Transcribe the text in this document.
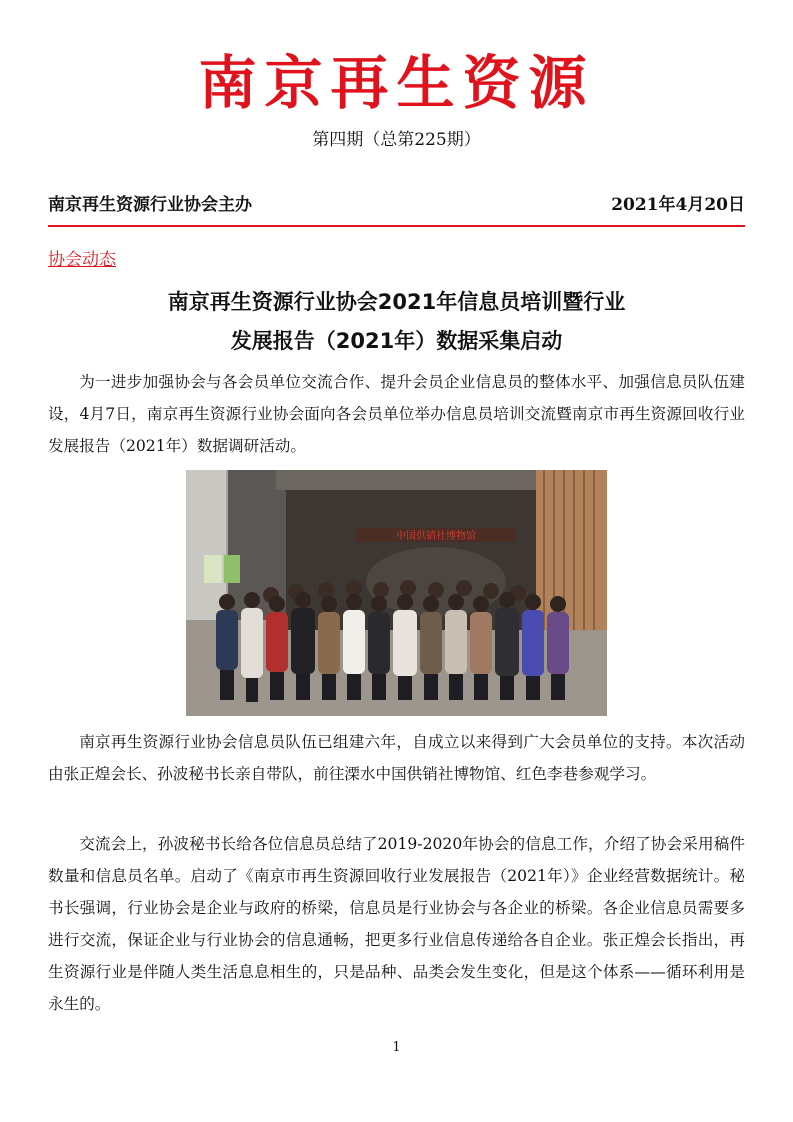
南京再生资源
第四期（总第225期）
南京再生资源行业协会主办	2021年4月20日
协会动态
南京再生资源行业协会2021年信息员培训暨行业
发展报告（2021年）数据采集启动

为一进步加强协会与各会员单位交流合作、提升会员企业信息员的整体水平、加强信息员队伍建设，4月7日，南京再生资源行业协会面向各会员单位举办信息员培训交流暨南京市再生资源回收行业发展报告（2021年）数据调研活动。

中国供销社博物馆

南京再生资源行业协会信息员队伍已组建六年，自成立以来得到广大会员单位的支持。本次活动由张正煌会长、孙波秘书长亲自带队，前往溧水中国供销社博物馆、红色李巷参观学习。

交流会上，孙波秘书长给各位信息员总结了2019-2020年协会的信息工作，介绍了协会采用稿件数量和信息员名单。启动了《南京市再生资源回收行业发展报告（2021年）》企业经营数据统计。秘书长强调，行业协会是企业与政府的桥梁，信息员是行业协会与各企业的桥梁。各企业信息员需要多进行交流，保证企业与行业协会的信息通畅，把更多行业信息传递给各自企业。张正煌会长指出，再生资源行业是伴随人类生活息息相生的，只是品种、品类会发生变化，但是这个体系——循环利用是永生的。

1
